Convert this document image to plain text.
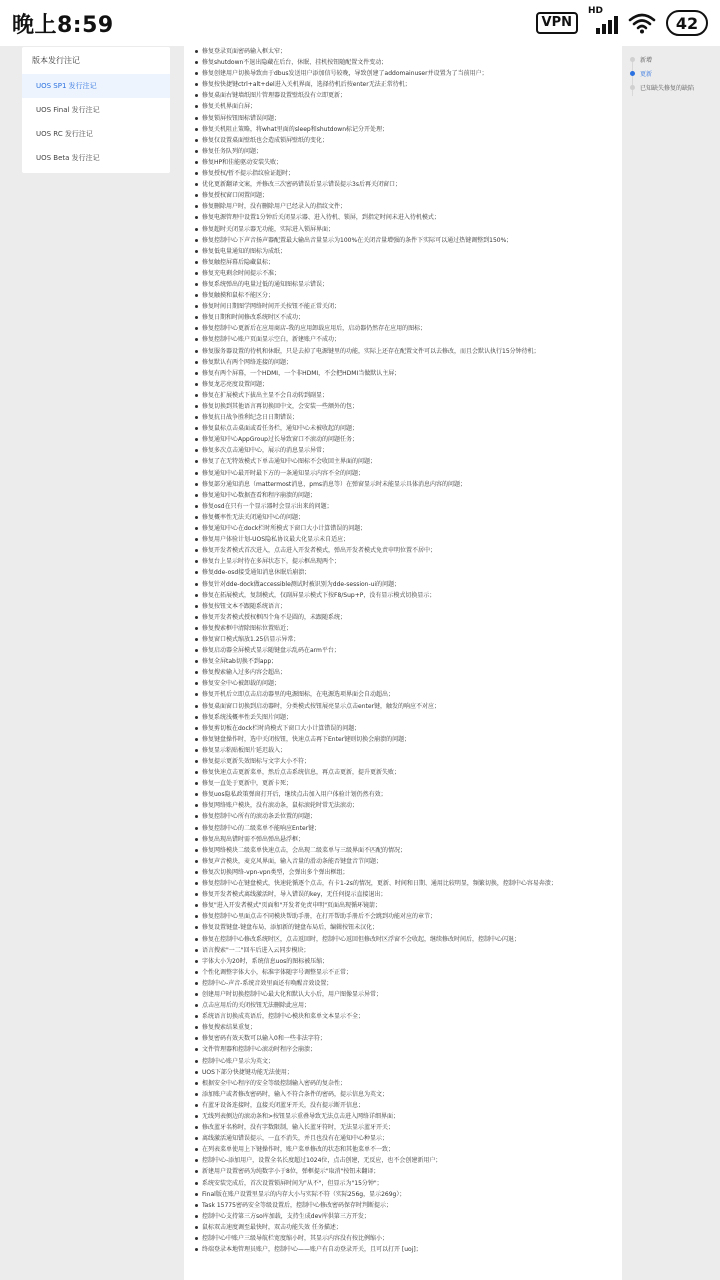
晚上8:59	VPN
HD
42
版本发行注记
UOS SP1 发行注记
UOS Final 发行注记
UOS RC 发行注记
UOS Beta 发行注记
修复登录页面密码输入框太窄；
修复shutdown不退出隐藏在后台，休眠、挂机按钮随配置文件变动；
修复创建用户切换导致由于dbus发送用户添加信号较晚，导致创建了addomainuser并设置为了当前用户；
修复按快捷键ctrl+alt+del进入关机界面，选择待机后按enter无法正常待机；
修复桌面右键墙纸图片管理器设置壁纸没有立即更新；
修复关机界面白屏；
修复锁屏按钮图标错误问题；
修复关机阻止策略，将what里面的sleep和shutdown标记分开处理；
修复仅设置桌面壁纸也会造成锁屏壁纸的变化；
修复任务队列的问题；
修复HP和佳能驱动安装失败；
修复授权/暂不提示指纹验证超时；
优化更新翻译文案，并修改三次密码错误后显示错误提示3s后再关闭窗口；
修复授权窗口闲置问题；
修复删除用户时，没有删除用户已经录入的指纹文件；
修复电源管理中设置1分钟后关闭显示器、进入待机、锁屏，到指定时间未进入待机模式；
修复超时关闭显示器无功能，实际进入锁屏界面；
修复控制中心下声音扬声器配置最大输出音量显示为100%在关闭音量增强的条件下实际可以通过热键调整到150%；
修复低电量通知的图标为成纸；
修复触控屏幕后隐藏鼠标；
修复充电剩余时间提示不准；
修复系统弹出的电量过低的通知图标显示错误；
修复触摸和鼠标不能区分；
修复时间日期图学网络时间开关按钮不能正常关闭；
修复日期和时间修改系统时区不成功；
修复控制中心更新后在应用商店-我的应用卸载应用后，启动器仍然存在应用的图标；
修复控制中心账户页面显示空白，新建账户不成功；
修复服务器设置的待机和休眠，只是去掉了电源键里的功能，实际上还存在配置文件可以去修改，而且会默认执行15分钟待机；
修复默认有两个网络连接的问题；
修复有两个屏幕，一个HDMI，一个非HDMI，不会把HDMI当做默认主屏；
修复龙芯亮度设置问题；
修复在扩展模式下拔出主显不会自动转到副显；
修复切换到其他语言再切换回中文，会安装一些额外的包；
修复抗日战争胜利纪念日日期错误；
修复鼠标点击桌面或看任务栏，通知中心未被收起的问题；
修复通知中心AppGroup过长导致窗口不滚动的问题任务；
修复多次点击通知中心，展示的消息显示异常；
修复了在无特效模式下单击通知中心图标不会收回主界面的问题；
修复通知中心最开时最下方的一条通知显示内容不全的问题；
修复部分通知消息（mattermost消息，pms消息等）在弹窗显示时未能显示具体消息内容的问题；
修复通知中心数据查看和程序崩溃的问题；
修复osd在只有一个显示器时会显示出来的问题；
修复概率性无法关闭通知中心的问题；
修复通知中心在dock栏时所模式下窗口大小计算错误的问题；
修复用户体验计划-UOS隐私协议最大化显示未自适应；
修复开发者模式首次进入，点击进入开发者模式，弹出开发者模式免责申明位置不居中；
修复台上显示时待在多屏状态下，提示框出现两个；
修复dde-osd接受通知消息休眠后崩溃；
修复针对dde-dock做accessible测试时被识别为dde-session-ui的问题；
修复在拓展模式，复制模式，仅副屏显示模式下按F8/Sup+P，没有显示模式切换显示；
修复按钮文本不跟随系统语言；
修复开发者模式授权框四个角不是圆的，未跟随系统；
修复搜索框中清除图标位置贴近；
修复窗口模式缩放1.25倍显示异常；
修复启动器全屏模式显示随键盘示乱码在arm平台；
修复全屏tab切换不到app；
修复搜索输入过多内容会超出；
修复安全中心被卸载的问题；
修复开机后立即点击启动器里的电源图标，在电源选项界面会自动超出；
修复桌面窗口切换到启动器时，分类模式按钮展亮显示点击enter键，触发的响应不对应；
修复系统浅概率性丢失图片问题；
修复剪切板在dock栏时尚模式下窗口大小计算错误的问题；
修复键盘操作时，选中关闭按钮，快速点击再下Enter键则切换会崩溃的问题；
修复显示粘贴板图片延迟载入；
修复提示更新失效图标与文字大小不符；
修复快速点击更新菜单，然后点击系统信息，再点击更新，提升更新失败；
修复一直处于更新中，更新卡死；
修复uos隐私政策弹窗打开后，继续点击加入用户体验计划仍然有效；
修复网络账户模块，没有滚动条，鼠标滚轮时常无法滚动；
修复控制中心所有的滚动条丢位置的问题；
修复控制中心的二级菜单不能响应Enter键；
修复出现出错时需不弹出弹出悬浮框；
修复网络模块二级菜单快速点击，会出现二级菜单与三级界面不匹配的情况；
修复声音模块，麦克风界面，输入音量的滑动条能否键盘音节问题；
修复次切换网络-vpn-vpn类型，会弹出多个弹出框组；
修复控制中心在键盘模式，快速轮循逐个点击，有卡1-2s的情况，更新、时间和日期、通用比较明显，频繁切换，控制中心容易奔溃；
修复开发者模式离线激活时，导入错误的key，无任何提示直接退出；
修复"进入开发者模式"页面和"开发者免责申明"页面出现循环镜箭；
修复控制中心里面点击不同模块帮助手册，在打开帮助手册后不会跳到功能对应的章节；
修复设置键盘-键盘布局，添加新的键盘布局后，编辑按钮未汉化；
修复在控制中心修改系统时区，点击返回时，控制中心返回但修改时区浮窗不会收起，继续修改时间后，控制中心闪退；
语言搜索"一二"回车后进入云同步模块；
字体大小为20时，系统信息uos的图标被压缩；
个性化调整字体大小，标准字体随字号调整显示不正常；
控制中心-声音-系统音效里面还有唤醒音效设置；
创建用户时切换控制中心最大化和默认大小后，用户图像显示异常；
点击应用后的关闭按钮无法删除此应用；
系统语言切换成英语后，控制中心模块和菜单文本显示不全；
修复搜索结果重复；
修复密码有效天数可以输入0和一些非法字符；
文件管理器和控制中心滚动时程序会崩溃；
控制中心账户显示为英文；
UOS下部分快捷键功能无法使用；
根据安全中心程序的安全等级控制输入密码的复杂性；
添加账户或者修改密码时，输入不符合条件的密码，提示信息为英文；
有蓝牙设备连接时，直接关闭蓝牙开关，没有提示断开信息；
无线列表侧边的滚动条和>按钮显示重叠导致无法点击进入网络详细界面；
修改蓝牙名称时，没有字数限制，输入长蓝牙符时，无法显示蓝牙开关；
离线激活通知错误提示，一直不消失，并且也没有在通知中心种显示；
在列表菜单使用上下键操作时，账户菜单修改的状态和其他菜单不一致；
控制中心-添加用户，设置全名长度超过1024位，点击创建，无反应，也不会创建新用户；
新建用户设置密码为纯数字小于8位，弹框提示"取消"按钮未翻译；
系统安装完成后，首次设置锁屏时间为"从不"，但显示为"15分钟"；
Final版在账户设置里显示的内存大小与实际不符（实际256g，显示269g）；
Task 15775密码安全等级设置后，控制中心修改密码保存时判断提示；
控制中心支持第三方so库加载，支持生成dev库供第三方开发；
鼠标双击速度调至最快时，双击功能失效 任务描述；
控制中心中账户三级导航栏宽度缩小时，其显示内容没有按比例缩小；
终端登录本地管理员账户，控制中心——账户有自动登录开关，且可以打开 [uoj]；
新增
更新
已知缺失修复的缺陷
